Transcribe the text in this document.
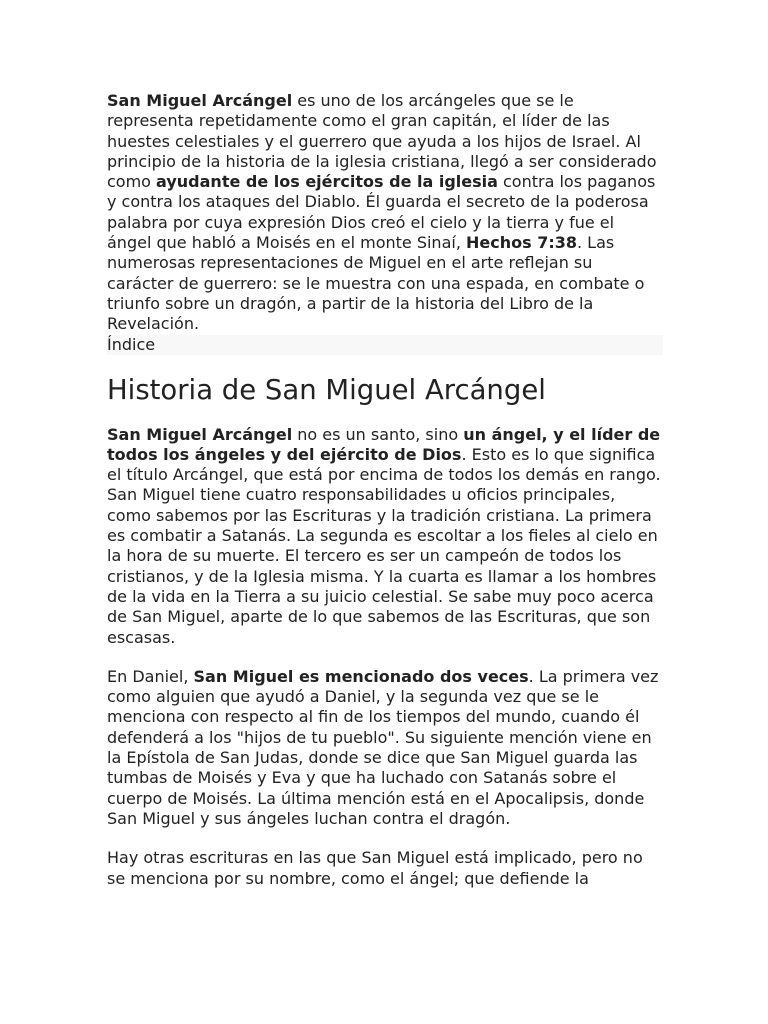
San Miguel Arcángel es uno de los arcángeles que se le representa repetidamente como el gran capitán, el líder de las huestes celestiales y el guerrero que ayuda a los hijos de Israel. Al principio de la historia de la iglesia cristiana, llegó a ser considerado como ayudante de los ejércitos de la iglesia contra los paganos y contra los ataques del Diablo. Él guarda el secreto de la poderosa palabra por cuya expresión Dios creó el cielo y la tierra y fue el ángel que habló a Moisés en el monte Sinaí, Hechos 7:38. Las numerosas representaciones de Miguel en el arte reflejan su carácter de guerrero: se le muestra con una espada, en combate o triunfo sobre un dragón, a partir de la historia del Libro de la Revelación.

Índice

Historia de San Miguel Arcángel

San Miguel Arcángel no es un santo, sino un ángel, y el líder de todos los ángeles y del ejército de Dios. Esto es lo que significa el título Arcángel, que está por encima de todos los demás en rango. San Miguel tiene cuatro responsabilidades u oficios principales, como sabemos por las Escrituras y la tradición cristiana. La primera es combatir a Satanás. La segunda es escoltar a los fieles al cielo en la hora de su muerte. El tercero es ser un campeón de todos los cristianos, y de la Iglesia misma. Y la cuarta es llamar a los hombres de la vida en la Tierra a su juicio celestial. Se sabe muy poco acerca de San Miguel, aparte de lo que sabemos de las Escrituras, que son escasas.

En Daniel, San Miguel es mencionado dos veces. La primera vez como alguien que ayudó a Daniel, y la segunda vez que se le menciona con respecto al fin de los tiempos del mundo, cuando él defenderá a los "hijos de tu pueblo". Su siguiente mención viene en la Epístola de San Judas, donde se dice que San Miguel guarda las tumbas de Moisés y Eva y que ha luchado con Satanás sobre el cuerpo de Moisés. La última mención está en el Apocalipsis, donde San Miguel y sus ángeles luchan contra el dragón.

Hay otras escrituras en las que San Miguel está implicado, pero no se menciona por su nombre, como el ángel; que defiende la
